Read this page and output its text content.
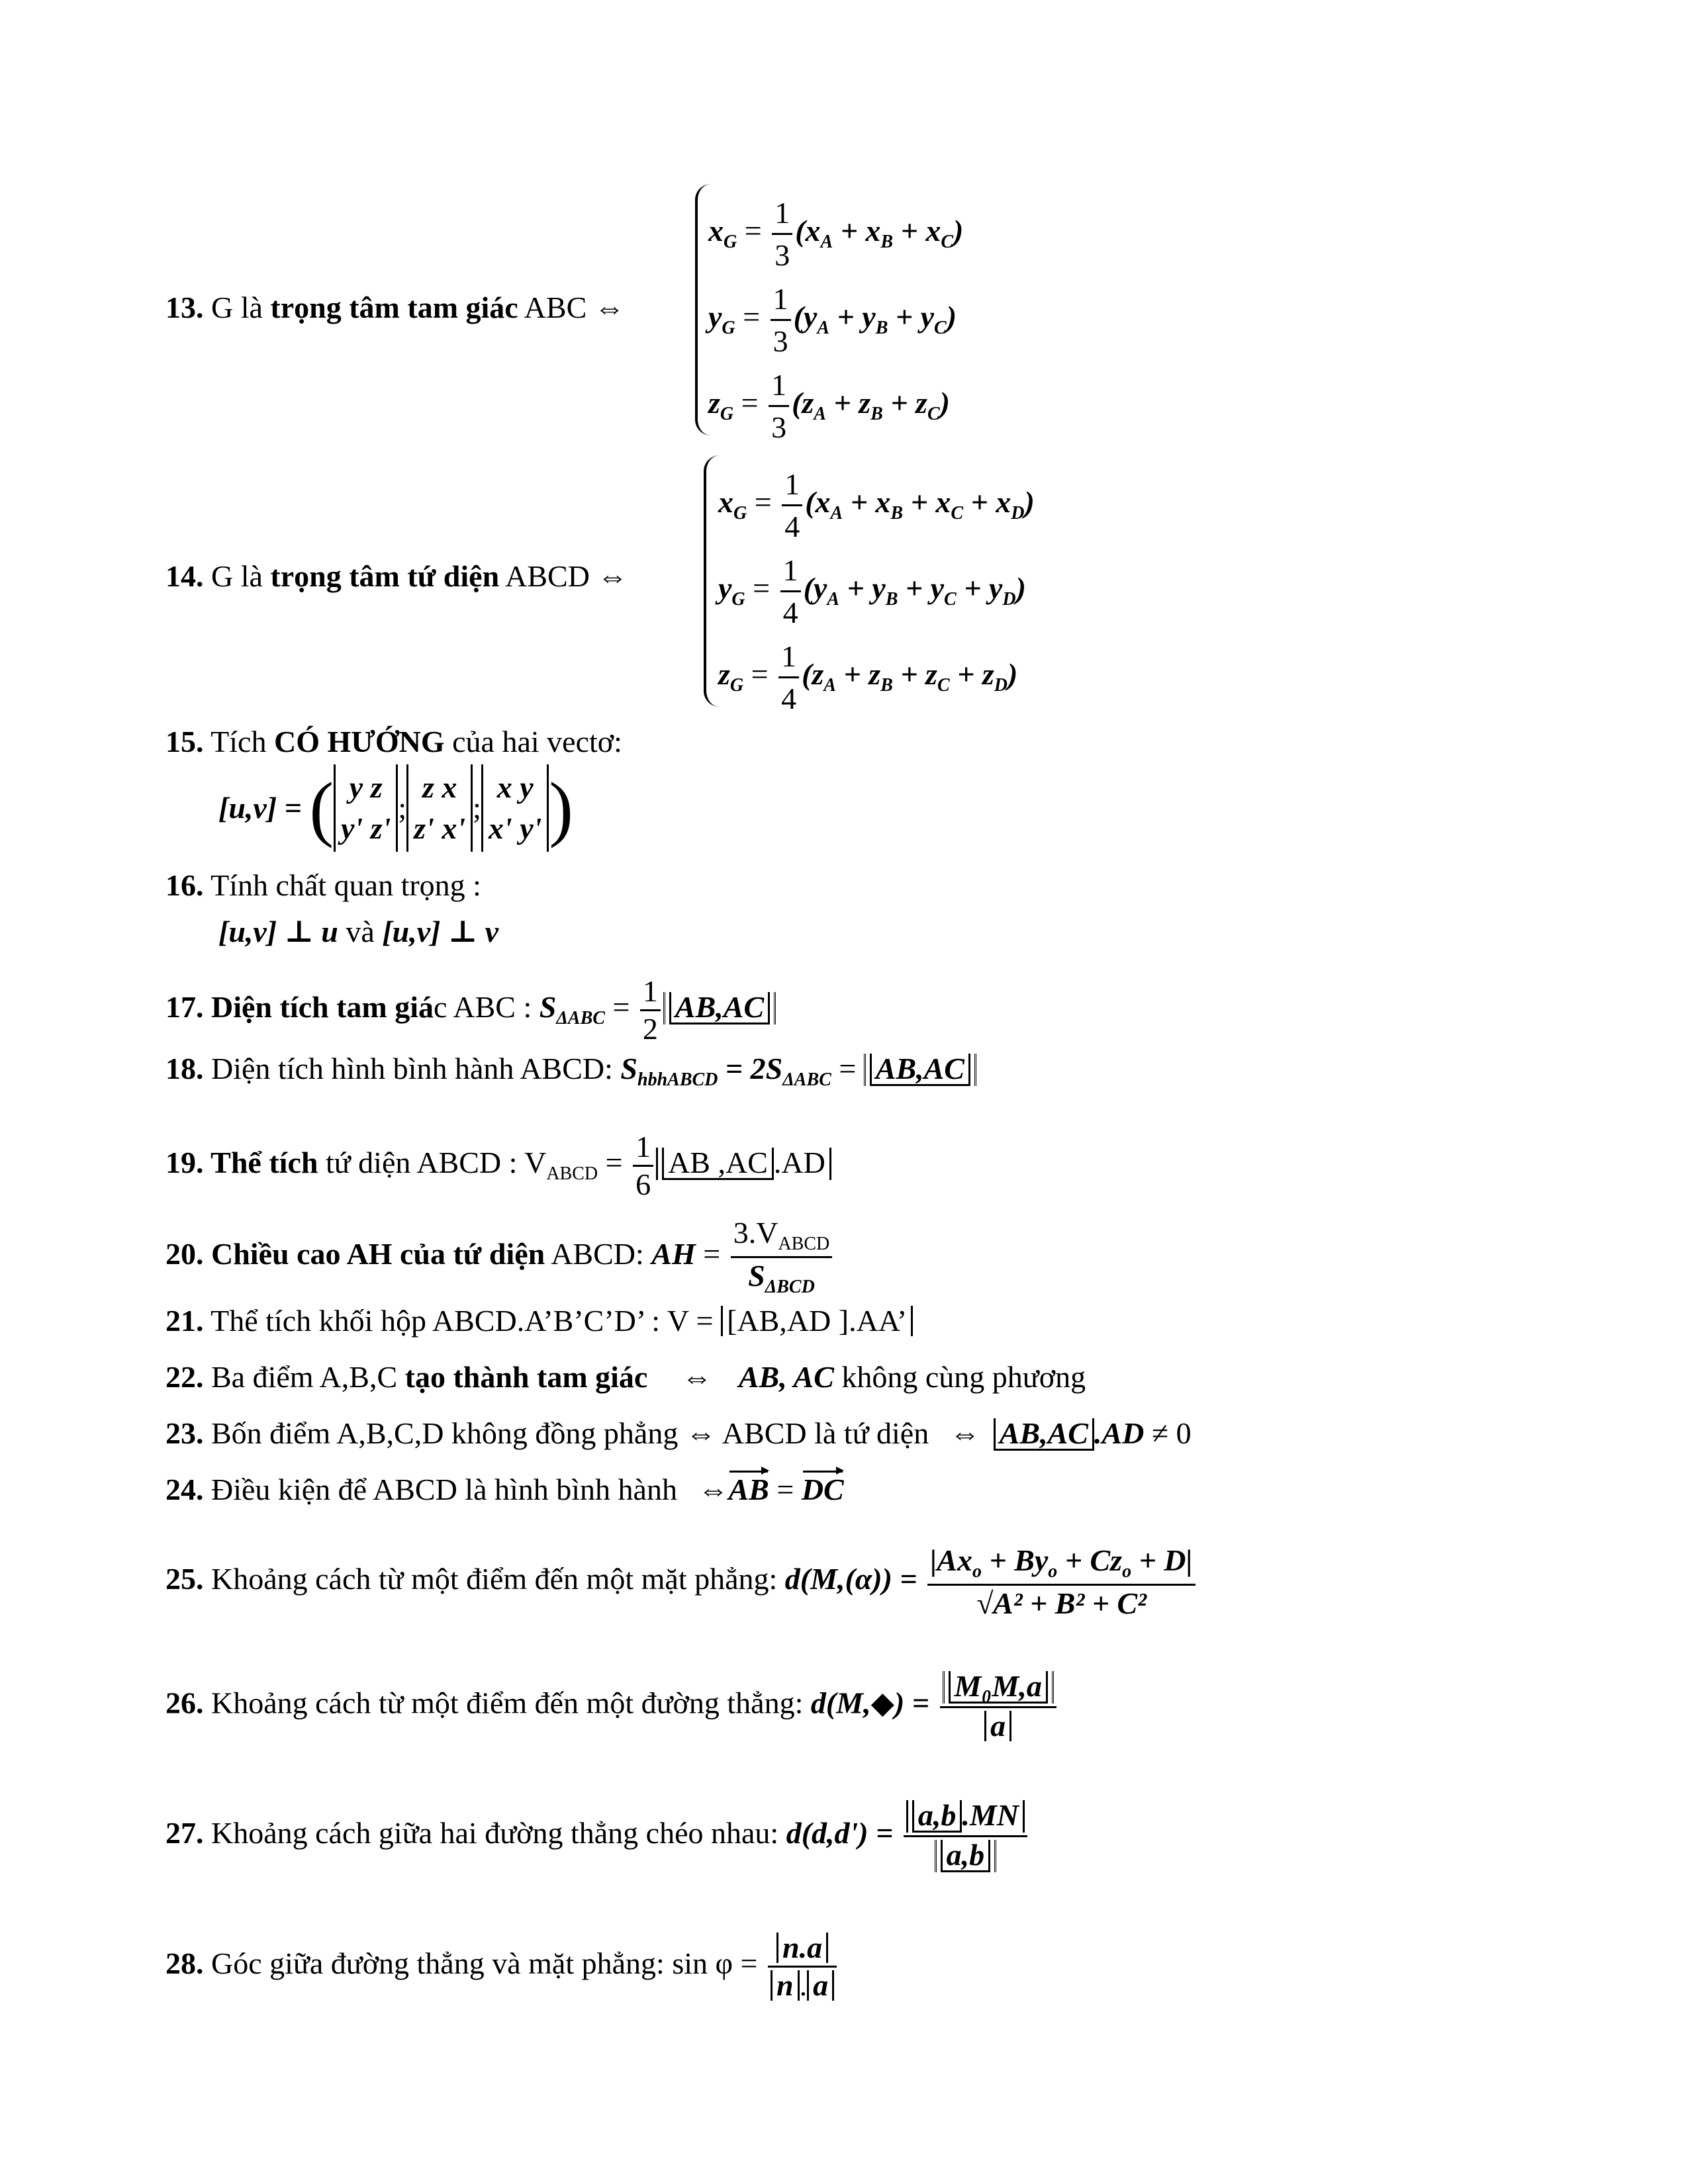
13. G là trọng tâm tam giác ABC ⇔
$x_G = \frac{1}{3} (x_A + x_B + x_C)$
$y_G = \frac{1}{3} (y_A + y_B + y_C)$
$z_G = \frac{1}{3} (z_A + z_B + z_C)$
14. G là trọng tâm tứ diện ABCD ⇔
$x_G = \frac{1}{4} (x_A + x_B + x_C + x_D)$
$y_G = \frac{1}{4} (y_A + y_B + y_C + y_D)$
$z_G = \frac{1}{4} (z_A + z_B + z_C + z_D)$
15. Tích CÓ HƯỚNG của hai vectơ:
[u,v] = ( y z
y' z'
;
z x
z' x'
;
x y
x' y' )
16. Tính chất quan trọng :
[u,v] ⊥ u và [u,v] ⊥ v
17. Diện tích tam giác ABC : $S_{\Delta ABC} = \frac{1}{2} AB,AC$
18. Diện tích hình bình hành ABCD: $S_{hbhABCD} = 2S_{\Delta ABC} = AB,AC$
19. Thể tích tứ diện ABCD : $V_{ABCD} = \frac{1}{6}$ AB ,AC .AD
20. Chiều cao AH của tứ diện ABCD: AH = $\frac{3.V_{ABCD}}{S_{\Delta BCD}}$
21. Thể tích khối hộp ABCD.A’B’C’D’ : V = [AB,AD ].AA’
22. Ba điểm A,B,C tạo thành tam giác ⇔ AB, AC không cùng phương
23. Bốn điểm A,B,C,D không đồng phẳng ⇔ ABCD là tứ diện ⇔ AB,AC .AD ≠ 0
24. Điều kiện để ABCD là hình bình hành ⇔AB = DC
25. Khoảng cách từ một điểm đến một mặt phẳng: $d(M,(\alpha)) = \frac{|Ax_o + By_o + Cz_o + D|}{\text{√A² + B² + C²}}$
26. Khoảng cách từ một điểm đến một đường thẳng: d(M,◆) = $\frac{\text{M₀M,a}}{a}$
27. Khoảng cách giữa hai đường thẳng chéo nhau: $d(d,d') = \frac{a,b .MN}{a,b}$
28. Góc giữa đường thẳng và mặt phẳng: $\sin \varphi = \frac{n.a}{n . a}$
